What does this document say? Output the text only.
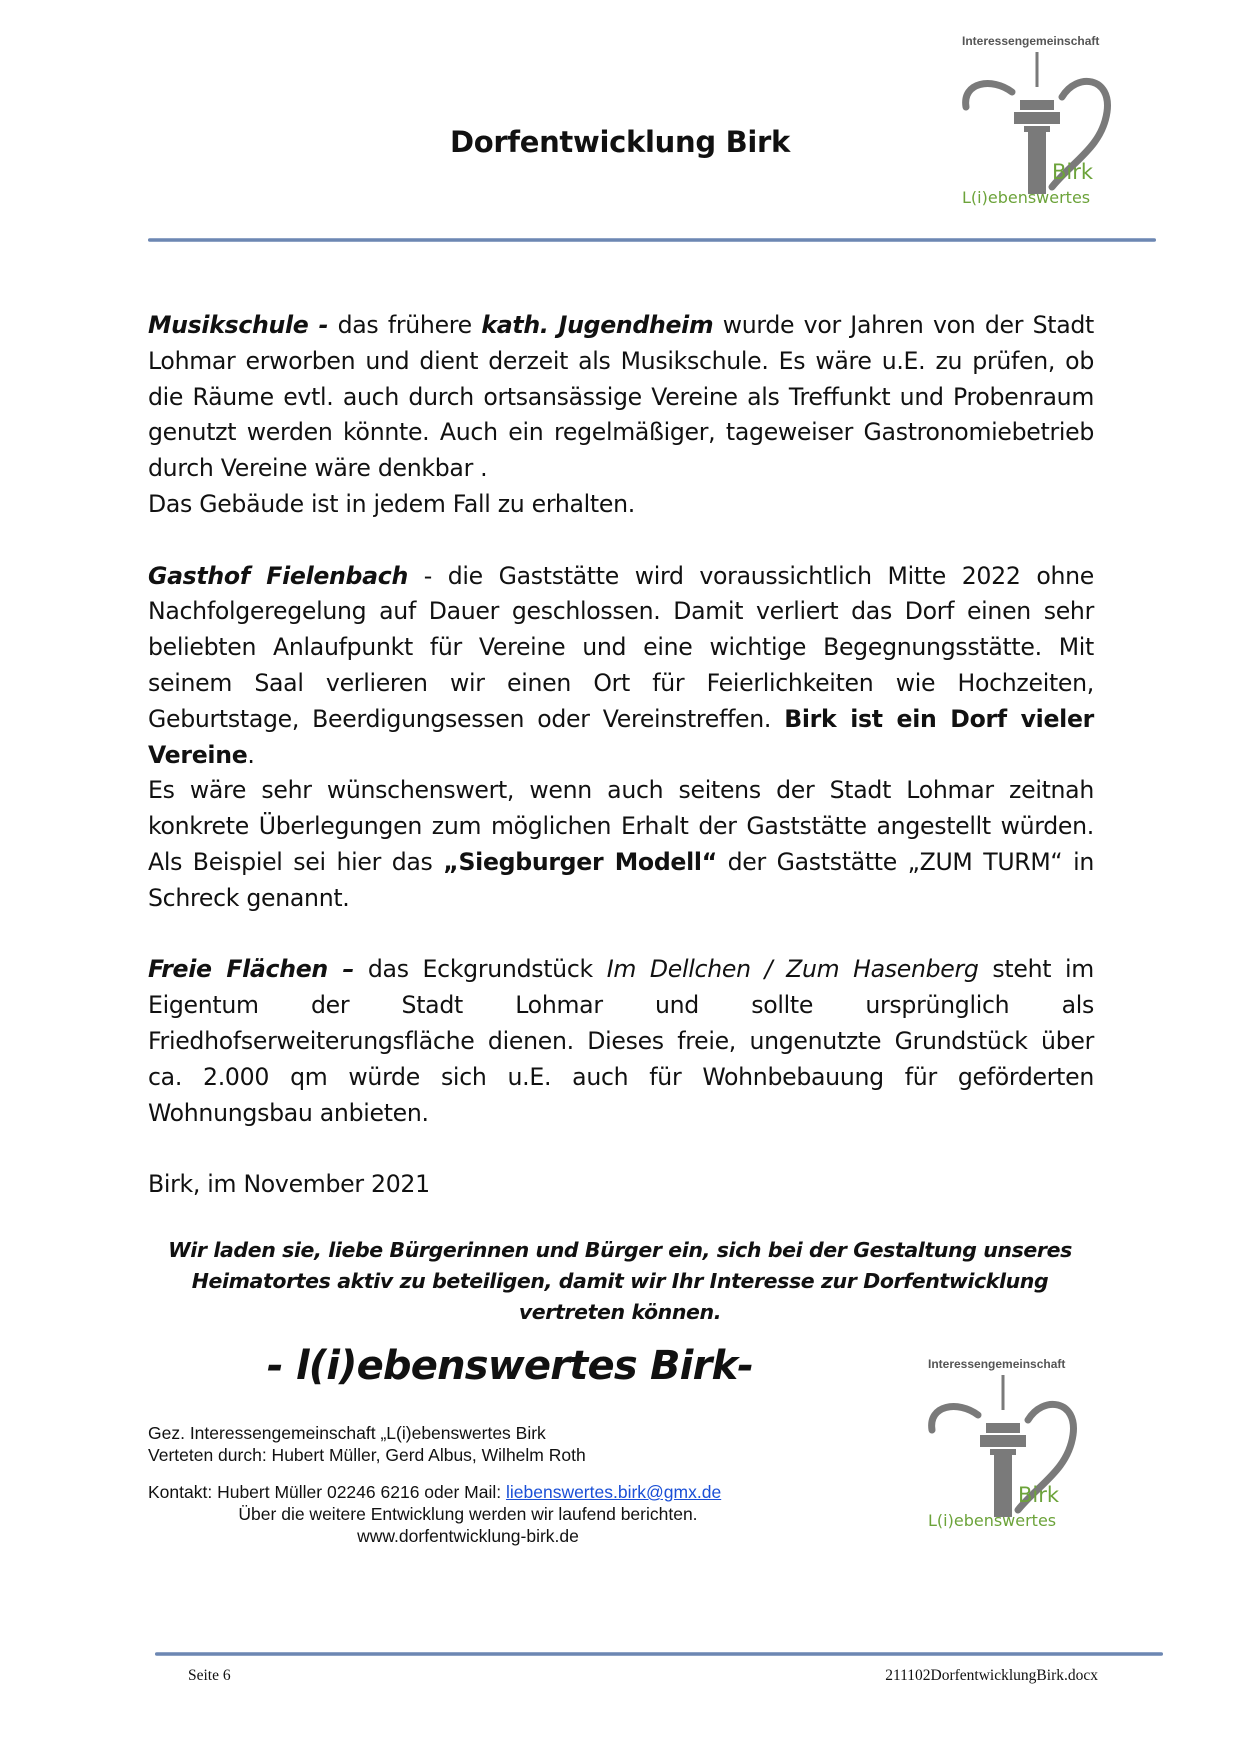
Dorfentwicklung Birk
Interessengemeinschaft
Birk
L(i)ebenswertes

Musikschule - das frühere kath. Jugendheim wurde vor Jahren von der Stadt Lohmar erworben und dient derzeit als Musikschule. Es wäre u.E. zu prüfen, ob die Räume evtl. auch durch ortsansässige Vereine als Treffunkt und Probenraum genutzt werden könnte. Auch ein regelmäßiger, tageweiser Gastronomiebetrieb durch Vereine wäre denkbar .

Das Gebäude ist in jedem Fall zu erhalten.

Gasthof Fielenbach - die Gaststätte wird voraussichtlich Mitte 2022 ohne Nachfolgeregelung auf Dauer geschlossen. Damit verliert das Dorf einen sehr beliebten Anlaufpunkt für Vereine und eine wichtige Begegnungsstätte. Mit seinem Saal verlieren wir einen Ort für Feierlichkeiten wie Hochzeiten, Geburtstage, Beerdigungsessen oder Vereinstreffen. Birk ist ein Dorf vieler Vereine.

Es wäre sehr wünschenswert, wenn auch seitens der Stadt Lohmar zeitnah konkrete Überlegungen zum möglichen Erhalt der Gaststätte angestellt würden. Als Beispiel sei hier das „Siegburger Modell“ der Gaststätte „ZUM TURM“ in Schreck genannt.

Freie Flächen – das Eckgrundstück Im Dellchen / Zum Hasenberg steht im Eigentum der Stadt Lohmar und sollte ursprünglich als Friedhofserweiterungsfläche dienen. Dieses freie, ungenutzte Grundstück über ca. 2.000 qm würde sich u.E. auch für Wohnbebauung für geförderten Wohnungsbau anbieten.

Birk, im November 2021

Wir laden sie, liebe Bürgerinnen und Bürger ein, sich bei der Gestaltung unseres Heimatortes aktiv zu beteiligen, damit wir Ihr Interesse zur Dorfentwicklung vertreten können.
- l(i)ebenswertes Birk-	Interessengemeinschaft
Birk
L(i)ebenswertes
Gez. Interessengemeinschaft „L(i)ebenswertes Birk
Verteten durch: Hubert Müller, Gerd Albus, Wilhelm Roth
Kontakt: Hubert Müller 02246 6216 oder Mail: liebenswertes.birk@gmx.de
Über die weitere Entwicklung werden wir laufend berichten.
www.dorfentwicklung-birk.de
Seite 6	211102DorfentwicklungBirk.docx
